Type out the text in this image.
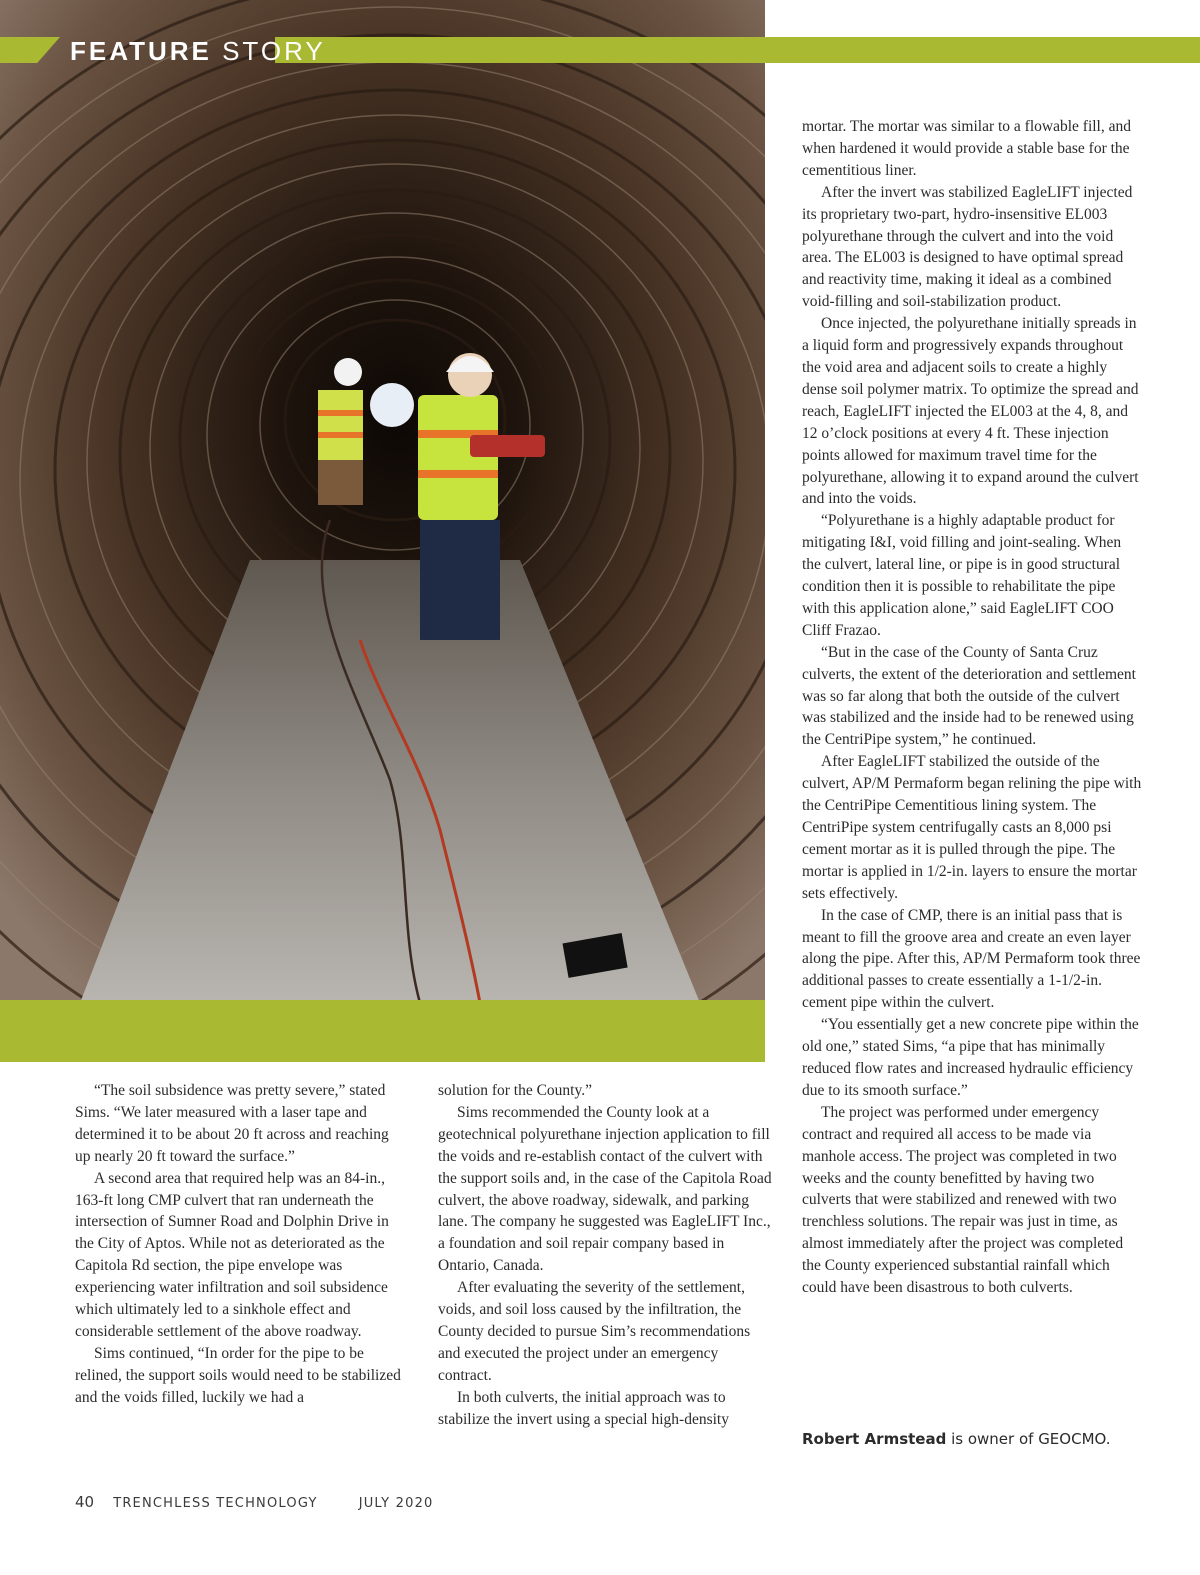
FEATURE STORY

“The soil subsidence was pretty severe,” stated Sims. “We later measured with a laser tape and determined it to be about 20 ft across and reaching up nearly 20 ft toward the surface.”

A second area that required help was an 84-in., 163-ft long CMP culvert that ran underneath the intersection of Sumner Road and Dolphin Drive in the City of Aptos. While not as deteriorated as the Capitola Rd section, the pipe envelope was experiencing water infiltration and soil subsidence which ultimately led to a sinkhole effect and considerable settlement of the above roadway.

Sims continued, “In order for the pipe to be relined, the support soils would need to be stabilized and the voids filled, luckily we had a

solution for the County.”

Sims recommended the County look at a geotechnical polyurethane injection application to fill the voids and re-establish contact of the culvert with the support soils and, in the case of the Capitola Road culvert, the above roadway, sidewalk, and parking lane. The company he suggested was EagleLIFT Inc., a foundation and soil repair company based in Ontario, Canada.

After evaluating the severity of the settlement, voids, and soil loss caused by the infiltration, the County decided to pursue Sim’s recommendations and executed the project under an emergency contract.

In both culverts, the initial approach was to stabilize the invert using a special high-density

mortar. The mortar was similar to a flowable fill, and when hardened it would provide a stable base for the cementitious liner.

After the invert was stabilized EagleLIFT injected its proprietary two-part, hydro-insensitive EL003 polyurethane through the culvert and into the void area. The EL003 is designed to have optimal spread and reactivity time, making it ideal as a combined void-filling and soil-stabilization product.

Once injected, the polyurethane initially spreads in a liquid form and progressively expands throughout the void area and adjacent soils to create a highly dense soil polymer matrix. To optimize the spread and reach, EagleLIFT injected the EL003 at the 4, 8, and 12 o’clock positions at every 4 ft. These injection points allowed for maximum travel time for the polyurethane, allowing it to expand around the culvert and into the voids.

“Polyurethane is a highly adaptable product for mitigating I&I, void filling and joint-sealing. When the culvert, lateral line, or pipe is in good structural condition then it is possible to rehabilitate the pipe with this application alone,” said EagleLIFT COO Cliff Frazao.

“But in the case of the County of Santa Cruz culverts, the extent of the deterioration and settlement was so far along that both the outside of the culvert was stabilized and the inside had to be renewed using the CentriPipe system,” he continued.

After EagleLIFT stabilized the outside of the culvert, AP/M Permaform began relining the pipe with the CentriPipe Cementitious lining system. The CentriPipe system centrifugally casts an 8,000 psi cement mortar as it is pulled through the pipe. The mortar is applied in 1/2-in. layers to ensure the mortar sets effectively.

In the case of CMP, there is an initial pass that is meant to fill the groove area and create an even layer along the pipe. After this, AP/M Permaform took three additional passes to create essentially a 1-1/2-in. cement pipe within the culvert.

“You essentially get a new concrete pipe within the old one,” stated Sims, “a pipe that has minimally reduced flow rates and increased hydraulic efficiency due to its smooth surface.”

The project was performed under emergency contract and required all access to be made via manhole access. The project was completed in two weeks and the county benefitted by having two culverts that were stabilized and renewed with two trenchless solutions. The repair was just in time, as almost immediately after the project was completed the County experienced substantial rainfall which could have been disastrous to both culverts.

Robert Armstead is owner of GEOCMO.
40 TRENCHLESS TECHNOLOGY	JULY 2020
